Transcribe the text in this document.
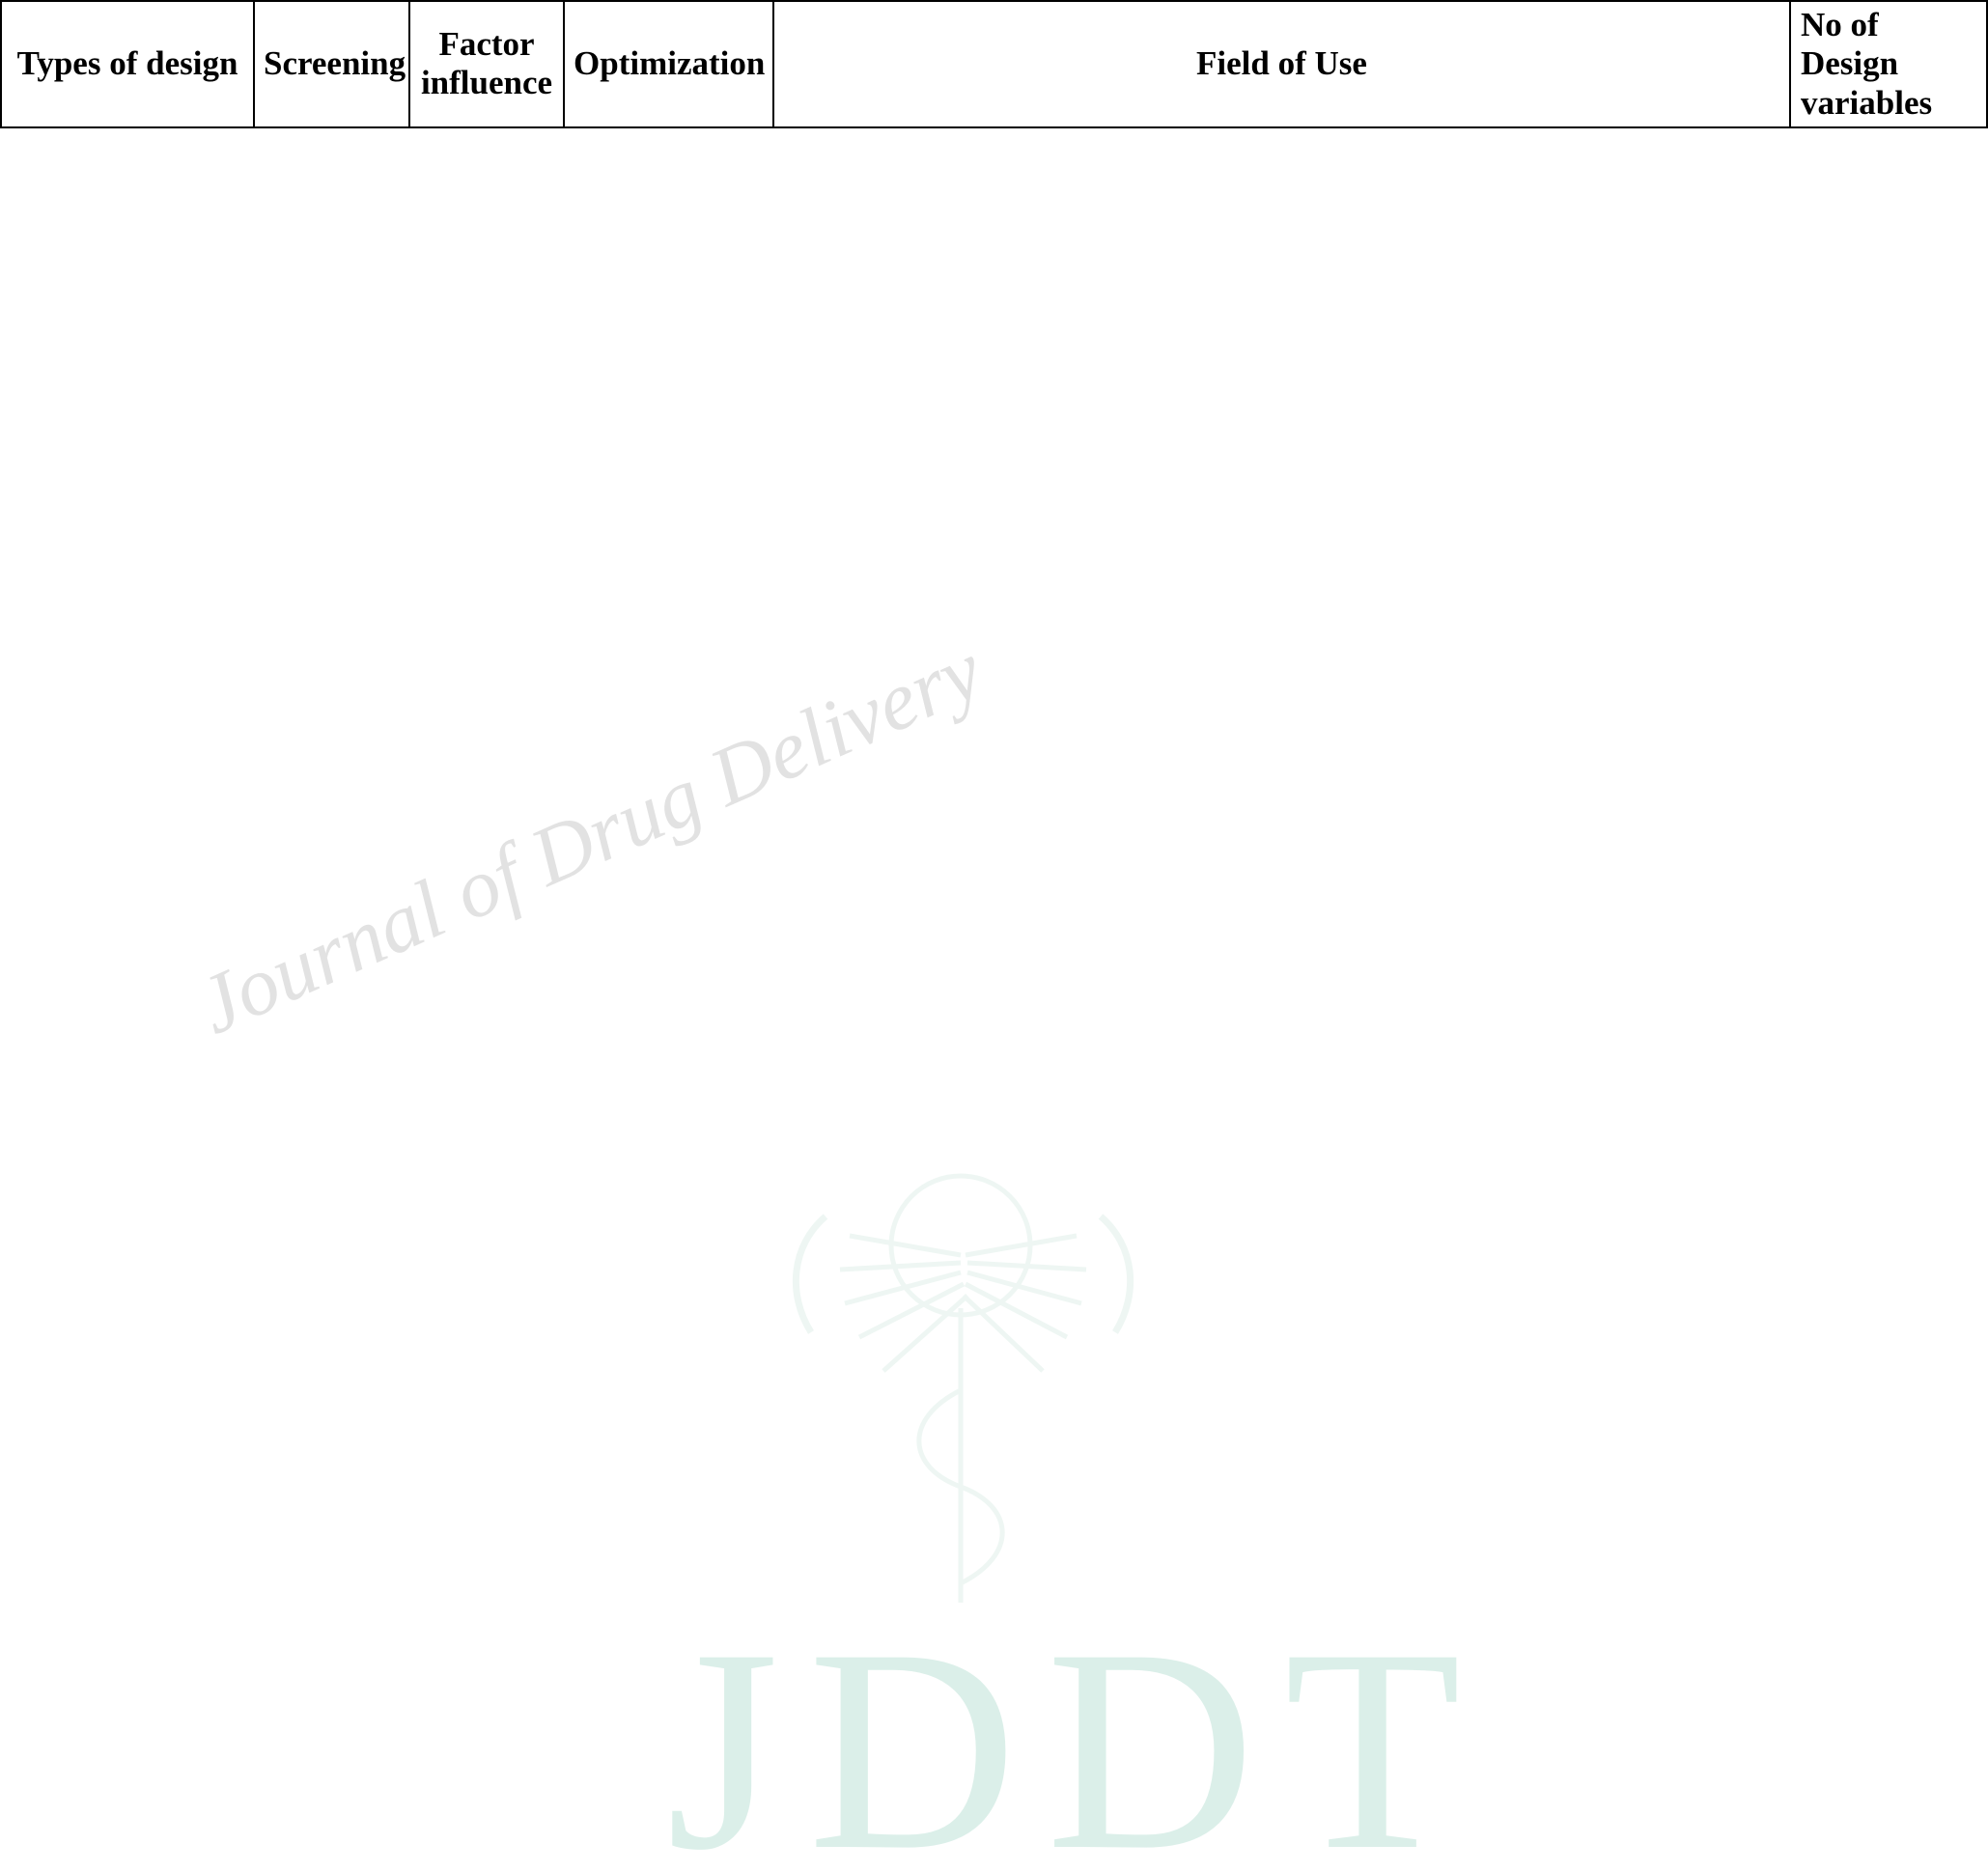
Journal of Drug Delivery
JDDT
Types of design	Screening	Factor influence	Optimization	Field of Use	No of Design variables
